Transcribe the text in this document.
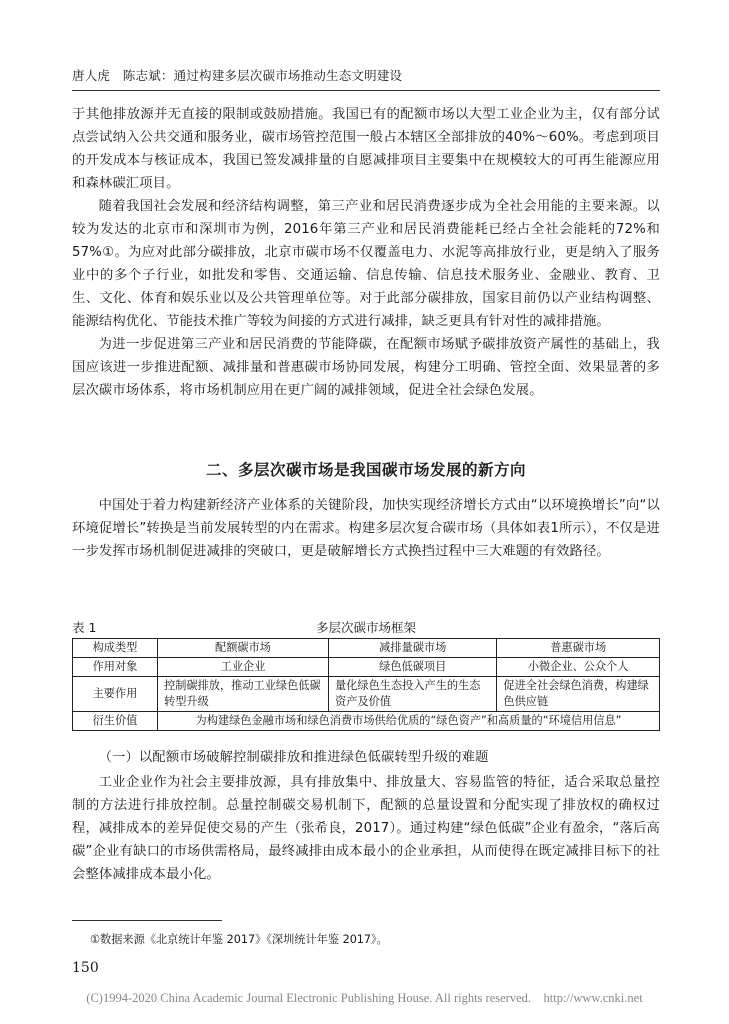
唐人虎　陈志斌：通过构建多层次碳市场推动生态文明建设

于其他排放源并无直接的限制或鼓励措施。我国已有的配额市场以大型工业企业为主，仅有部分试点尝试纳入公共交通和服务业，碳市场管控范围一般占本辖区全部排放的40%～60%。考虑到项目的开发成本与核证成本，我国已签发减排量的自愿减排项目主要集中在规模较大的可再生能源应用和森林碳汇项目。

随着我国社会发展和经济结构调整，第三产业和居民消费逐步成为全社会用能的主要来源。以较为发达的北京市和深圳市为例，2016年第三产业和居民消费能耗已经占全社会能耗的72%和57%①。为应对此部分碳排放，北京市碳市场不仅覆盖电力、水泥等高排放行业，更是纳入了服务业中的多个子行业，如批发和零售、交通运输、信息传输、信息技术服务业、金融业、教育、卫生、文化、体育和娱乐业以及公共管理单位等。对于此部分碳排放，国家目前仍以产业结构调整、能源结构优化、节能技术推广等较为间接的方式进行减排，缺乏更具有针对性的减排措施。

为进一步促进第三产业和居民消费的节能降碳，在配额市场赋予碳排放资产属性的基础上，我国应该进一步推进配额、减排量和普惠碳市场协同发展，构建分工明确、管控全面、效果显著的多层次碳市场体系，将市场机制应用在更广阔的减排领域，促进全社会绿色发展。

二、多层次碳市场是我国碳市场发展的新方向

中国处于着力构建新经济产业体系的关键阶段，加快实现经济增长方式由“以环境换增长”向“以环境促增长”转换是当前发展转型的内在需求。构建多层次复合碳市场（具体如表1所示），不仅是进一步发挥市场机制促进减排的突破口，更是破解增长方式换挡过程中三大难题的有效路径。

多层次碳市场框架
表 1
构成类型	配额碳市场	减排量碳市场	普惠碳市场
作用对象	工业企业	绿色低碳项目	小微企业、公众个人
主要作用	控制碳排放，推动工业绿色低碳转型升级	量化绿色生态投入产生的生态资产及价值	促进全社会绿色消费，构建绿色供应链
衍生价值	为构建绿色金融市场和绿色消费市场供给优质的“绿色资产”和高质量的“环境信用信息”		
（一）以配额市场破解控制碳排放和推进绿色低碳转型升级的难题

工业企业作为社会主要排放源，具有排放集中、排放量大、容易监管的特征，适合采取总量控制的方法进行排放控制。总量控制碳交易机制下，配额的总量设置和分配实现了排放权的确权过程，减排成本的差异促使交易的产生（张希良，2017）。通过构建“绿色低碳”企业有盈余，“落后高碳”企业有缺口的市场供需格局，最终减排由成本最小的企业承担，从而使得在既定减排目标下的社会整体减排成本最小化。

①数据来源《北京统计年鉴 2017》《深圳统计年鉴 2017》。
150
(C)1994-2020 China Academic Journal Electronic Publishing House. All rights reserved.　http://www.cnki.net
